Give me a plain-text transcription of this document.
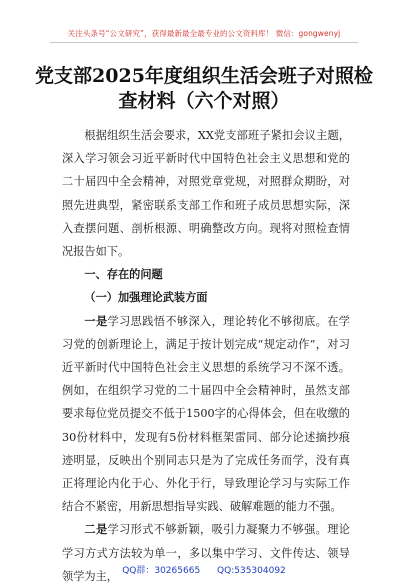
关注头条号“公文研究”，获得最新最全最专业的公文资料库！ 微信：gongwenyj
党支部2025年度组织生活会班子对照检
查材料（六个对照）

根据组织生活会要求，XX党支部班子紧扣会议主题，深入学习领会习近平新时代中国特色社会主义思想和党的二十届四中全会精神，对照党章党规，对照群众期盼，对照先进典型，紧密联系支部工作和班子成员思想实际，深入查摆问题、剖析根源、明确整改方向。现将对照检查情况报告如下。

一、存在的问题

（一）加强理论武装方面

一是学习思践悟不够深入，理论转化不够彻底。在学习党的创新理论上，满足于按计划完成“规定动作”，对习近平新时代中国特色社会主义思想的系统学习不深不透。例如，在组织学习党的二十届四中全会精神时，虽然支部要求每位党员提交不低于1500字的心得体会，但在收缴的30份材料中，发现有5份材料框架雷同、部分论述摘抄痕迹明显，反映出个别同志只是为了完成任务而学，没有真正将理论内化于心、外化于行，导致理论学习与实际工作结合不紧密，用新思想指导实践、破解难题的能力不强。

二是学习形式不够新颖，吸引力凝聚力不够强。理论学习方式方法较为单一，多以集中学习、文件传达、领导领学为主， QQ群：30265665 QQ:535304092
